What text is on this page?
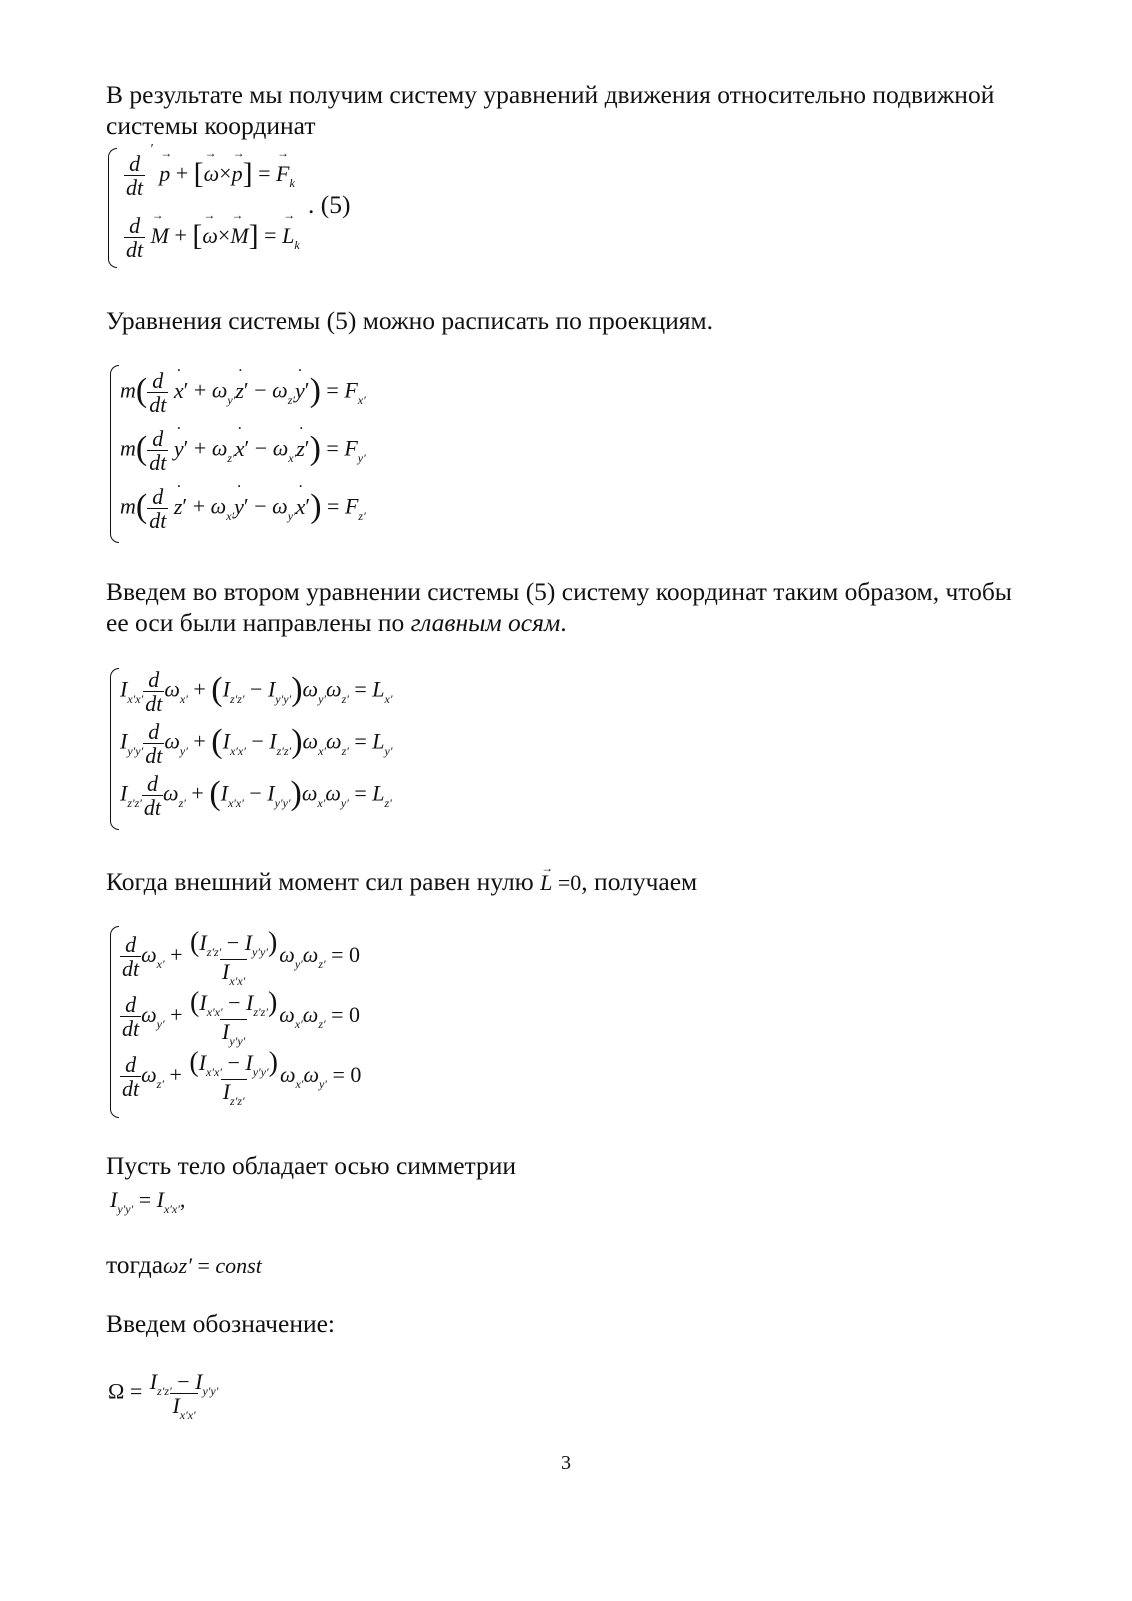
В результате мы получим систему уравнений движения относительно подвижной
системы координат
$\frac{d}{dt}$
′ → p + [→ ω×→ p] = → $F_k$
$\frac{d}{dt}$
→ M + [→ ω×→ M] = → $L_k$
. (5)
Уравнения системы (5) можно расписать по проекциям.
$m( \frac{d}{dt}$
˙ $x' + \omega_{y'}˙$ $z' - \omega_{z'}˙$ $y') = F_{x'}$
$m( \frac{d}{dt}$
˙ $y' + \omega_{z'}˙$ $x' - \omega_{x'}˙$ $z') = F_{y'}$
$m( \frac{d}{dt}$
˙ $z' + \omega_{x'}˙$ $y' - \omega_{y'}˙$ $x') = F_{z'}$
Введем во втором уравнении системы (5) систему координат таким образом, чтобы
ее оси были направлены по главным осям.
$I_{x'x'} \frac{d}{dt} \omega_{x'} + (I_{z'z'} - I_{y'y'})\omega_{y'}\omega_{z'} = L_{x'}$
$I_{y'y'} \frac{d}{dt} \omega_{y'} + (I_{x'x'} - I_{z'z'})\omega_{x'}\omega_{z'} = L_{y'}$
$I_{z'z'} \frac{d}{dt} \omega_{z'} + (I_{x'x'} - I_{y'y'})\omega_{x'}\omega_{y'} = L_{z'}$
Когда внешний момент сил равен нулю → L =0, получаем
$\frac{d}{dt} \omega_{x'} + \frac{(I_{z'z'} - I_{y'y'})}{I_{x'x'}} \omega_{y'}\omega_{z'} = 0$
$\frac{d}{dt} \omega_{y'} + \frac{(I_{x'x'} - I_{z'z'})}{I_{y'y'}} \omega_{x'}\omega_{z'} = 0$
$\frac{d}{dt} \omega_{z'} + \frac{(I_{x'x'} - I_{y'y'})}{I_{z'z'}} \omega_{x'}\omega_{y'} = 0$
Пусть тело обладает осью симметрии
$I_{y'y'} = I_{x'x'}$,
тогдаωz′ = const
Введем обозначение:
$\Omega = \frac{I_{z'z'} - I_{y'y'}}{I_{x'x'}}$
3
